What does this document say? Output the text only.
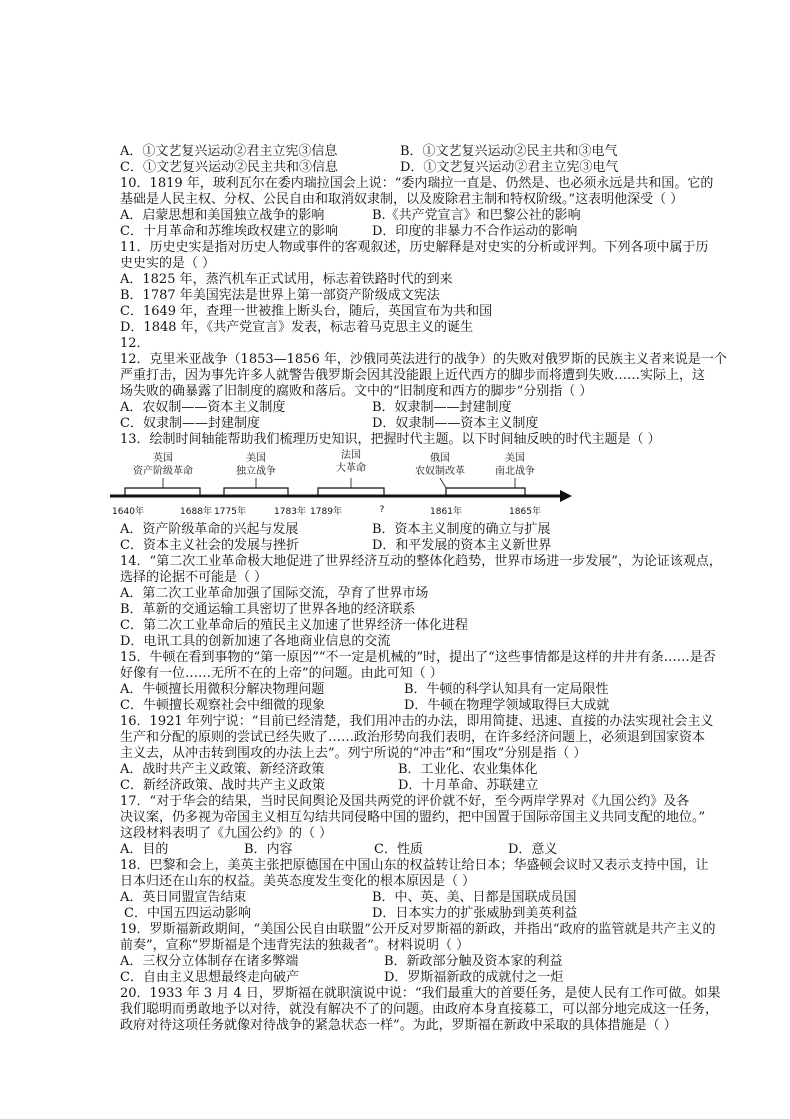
A．①文艺复兴运动②君主立宪③信息	B．①文艺复兴运动②民主共和③电气
C．①文艺复兴运动②民主共和③信息	D．①文艺复兴运动②君主立宪③电气
10．1819 年，玻利瓦尔在委内瑞拉国会上说：“委内瑞拉一直是、仍然是、也必须永远是共和国。它的
基础是人民主权、分权、公民自由和取消奴隶制，以及废除君主制和特权阶级。”这表明他深受（ ）
A．启蒙思想和美国独立战争的影响	B.《共产党宣言》和巴黎公社的影响
C．十月革命和苏维埃政权建立的影响	D．印度的非暴力不合作运动的影响
11．历史史实是指对历史人物或事件的客观叙述，历史解释是对史实的分析或评判。下列各项中属于历
史史实的是（ ）
A．1825 年，蒸汽机车正式试用，标志着铁路时代的到来
B．1787 年美国宪法是世界上第一部资产阶级成文宪法
C．1649 年，查理一世被推上断头台，随后，英国宣布为共和国
D．1848 年，《共产党宣言》发表，标志着马克思主义的诞生
12．
12．克里米亚战争（1853—1856 年，沙俄同英法进行的战争）的失败对俄罗斯的民族主义者来说是一个
严重打击，因为事先许多人就警告俄罗斯会因其没能跟上近代西方的脚步而将遭到失败……实际上，这
场失败的确暴露了旧制度的腐败和落后。文中的“旧制度和西方的脚步”分别指（ ）
A．农奴制——资本主义制度	B．奴隶制——封建制度
C．奴隶制——封建制度	D．奴隶制——资本主义制度
13．绘制时间轴能帮助我们梳理历史知识，把握时代主题。以下时间轴反映的时代主题是（ ）
英国
资产阶级革命
美国
独立战争
法国
大革命
俄国
农奴制改革
美国
南北战争
1640年	1688年 1775年	1783年 1789年	?	1861年	1865年
A．资产阶级革命的兴起与发展	B．资本主义制度的确立与扩展
C．资本主义社会的发展与挫折	D．和平发展的资本主义新世界
14．“第二次工业革命极大地促进了世界经济互动的整体化趋势，世界市场进一步发展”，为论证该观点，
选择的论据不可能是（ ）
A．第二次工业革命加强了国际交流，孕育了世界市场
B．革新的交通运输工具密切了世界各地的经济联系
C．第二次工业革命后的殖民主义加速了世界经济一体化进程
D．电讯工具的创新加速了各地商业信息的交流
15．牛顿在看到事物的“第一原因”“不一定是机械的”时，提出了“这些事情都是这样的井井有条……是否
好像有一位……无所不在的上帝”的问题。由此可知（ ）
A．牛顿擅长用微积分解决物理问题	B．牛顿的科学认知具有一定局限性
C．牛顿擅长观察社会中细微的现象	D．牛顿在物理学领域取得巨大成就
16．1921 年列宁说：“目前已经清楚，我们用冲击的办法，即用简捷、迅速、直接的办法实现社会主义
生产和分配的原则的尝试已经失败了……政治形势向我们表明，在许多经济问题上，必须退到国家资本
主义去，从冲击转到围攻的办法上去”。列宁所说的“冲击”和“围攻”分别是指（ ）
A．战时共产主义政策、新经济政策	B．工业化、农业集体化
C．新经济政策、战时共产主义政策	D．十月革命、苏联建立
17．“对于华会的结果，当时民间舆论及国共两党的评价就不好，至今两岸学界对《九国公约》及各
决议案，仍多视为帝国主义相互勾结共同侵略中国的盟约，把中国置于国际帝国主义共同支配的地位。”
这段材料表明了《九国公约》的（ ）
A．目的	B．内容	C．性质	D．意义
18．巴黎和会上，美英主张把原德国在中国山东的权益转让给日本；华盛顿会议时又表示支持中国，让
日本归还在山东的权益。美英态度发生变化的根本原因是（ ）
A．英日同盟宣告结束	B．中、英、美、日都是国联成员国
C．中国五四运动影响	D．日本实力的扩张威胁到美英利益
19．罗斯福新政期间，“美国公民自由联盟”公开反对罗斯福的新政，并指出“政府的监管就是共产主义的
前奏”，宣称“罗斯福是个违背宪法的独裁者”。材料说明（ ）
A．三权分立体制存在诸多弊端	B．新政部分触及资本家的利益
C．自由主义思想最终走向破产	D．罗斯福新政的成就付之一炬
20．1933 年 3 月 4 日，罗斯福在就职演说中说：“我们最重大的首要任务，是使人民有工作可做。如果
我们聪明而勇敢地予以对待，就没有解决不了的问题。由政府本身直接募工，可以部分地完成这一任务，
政府对待这项任务就像对待战争的紧急状态一样”。为此，罗斯福在新政中采取的具体措施是（ ）
